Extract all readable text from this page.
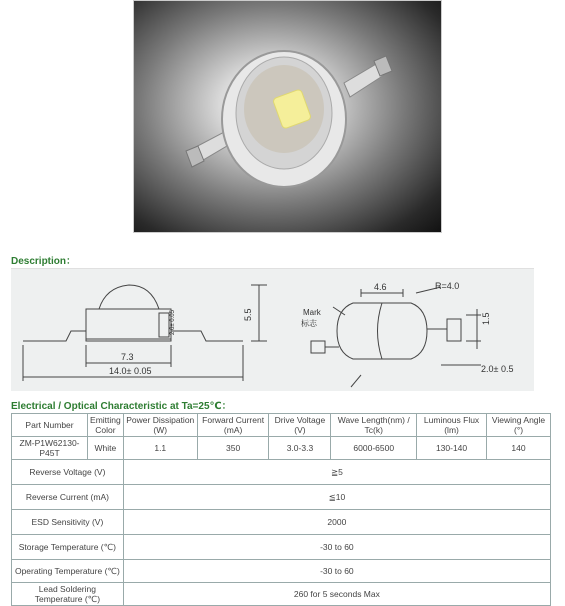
Description：
5.5
7.3
14.0± 0.05
2.6± 0.05
4.6	R=4.0
1.5
2.0± 0.5
Mark
标志
Electrical / Optical Characteristic at Ta=25℃：
Part Number	Emitting Color	Power Dissipation (W)	Forward Current (mA)	Drive Voltage (V)	Wave Length(nm) / Tc(k)	Luminous Flux (lm)	Viewing Angle (°)
ZM-P1W62130-P45T	White	1.1	350	3.0-3.3	6000-6500	130-140	140
Reverse Voltage (V)		≧5					
Reverse Current (mA)		≦10					
ESD Sensitivity (V)		2000					
Storage Temperature (℃)		-30 to 60					
Operating Temperature (℃)		-30 to 60					
Lead Soldering Temperature (℃)		260 for 5 seconds Max					
